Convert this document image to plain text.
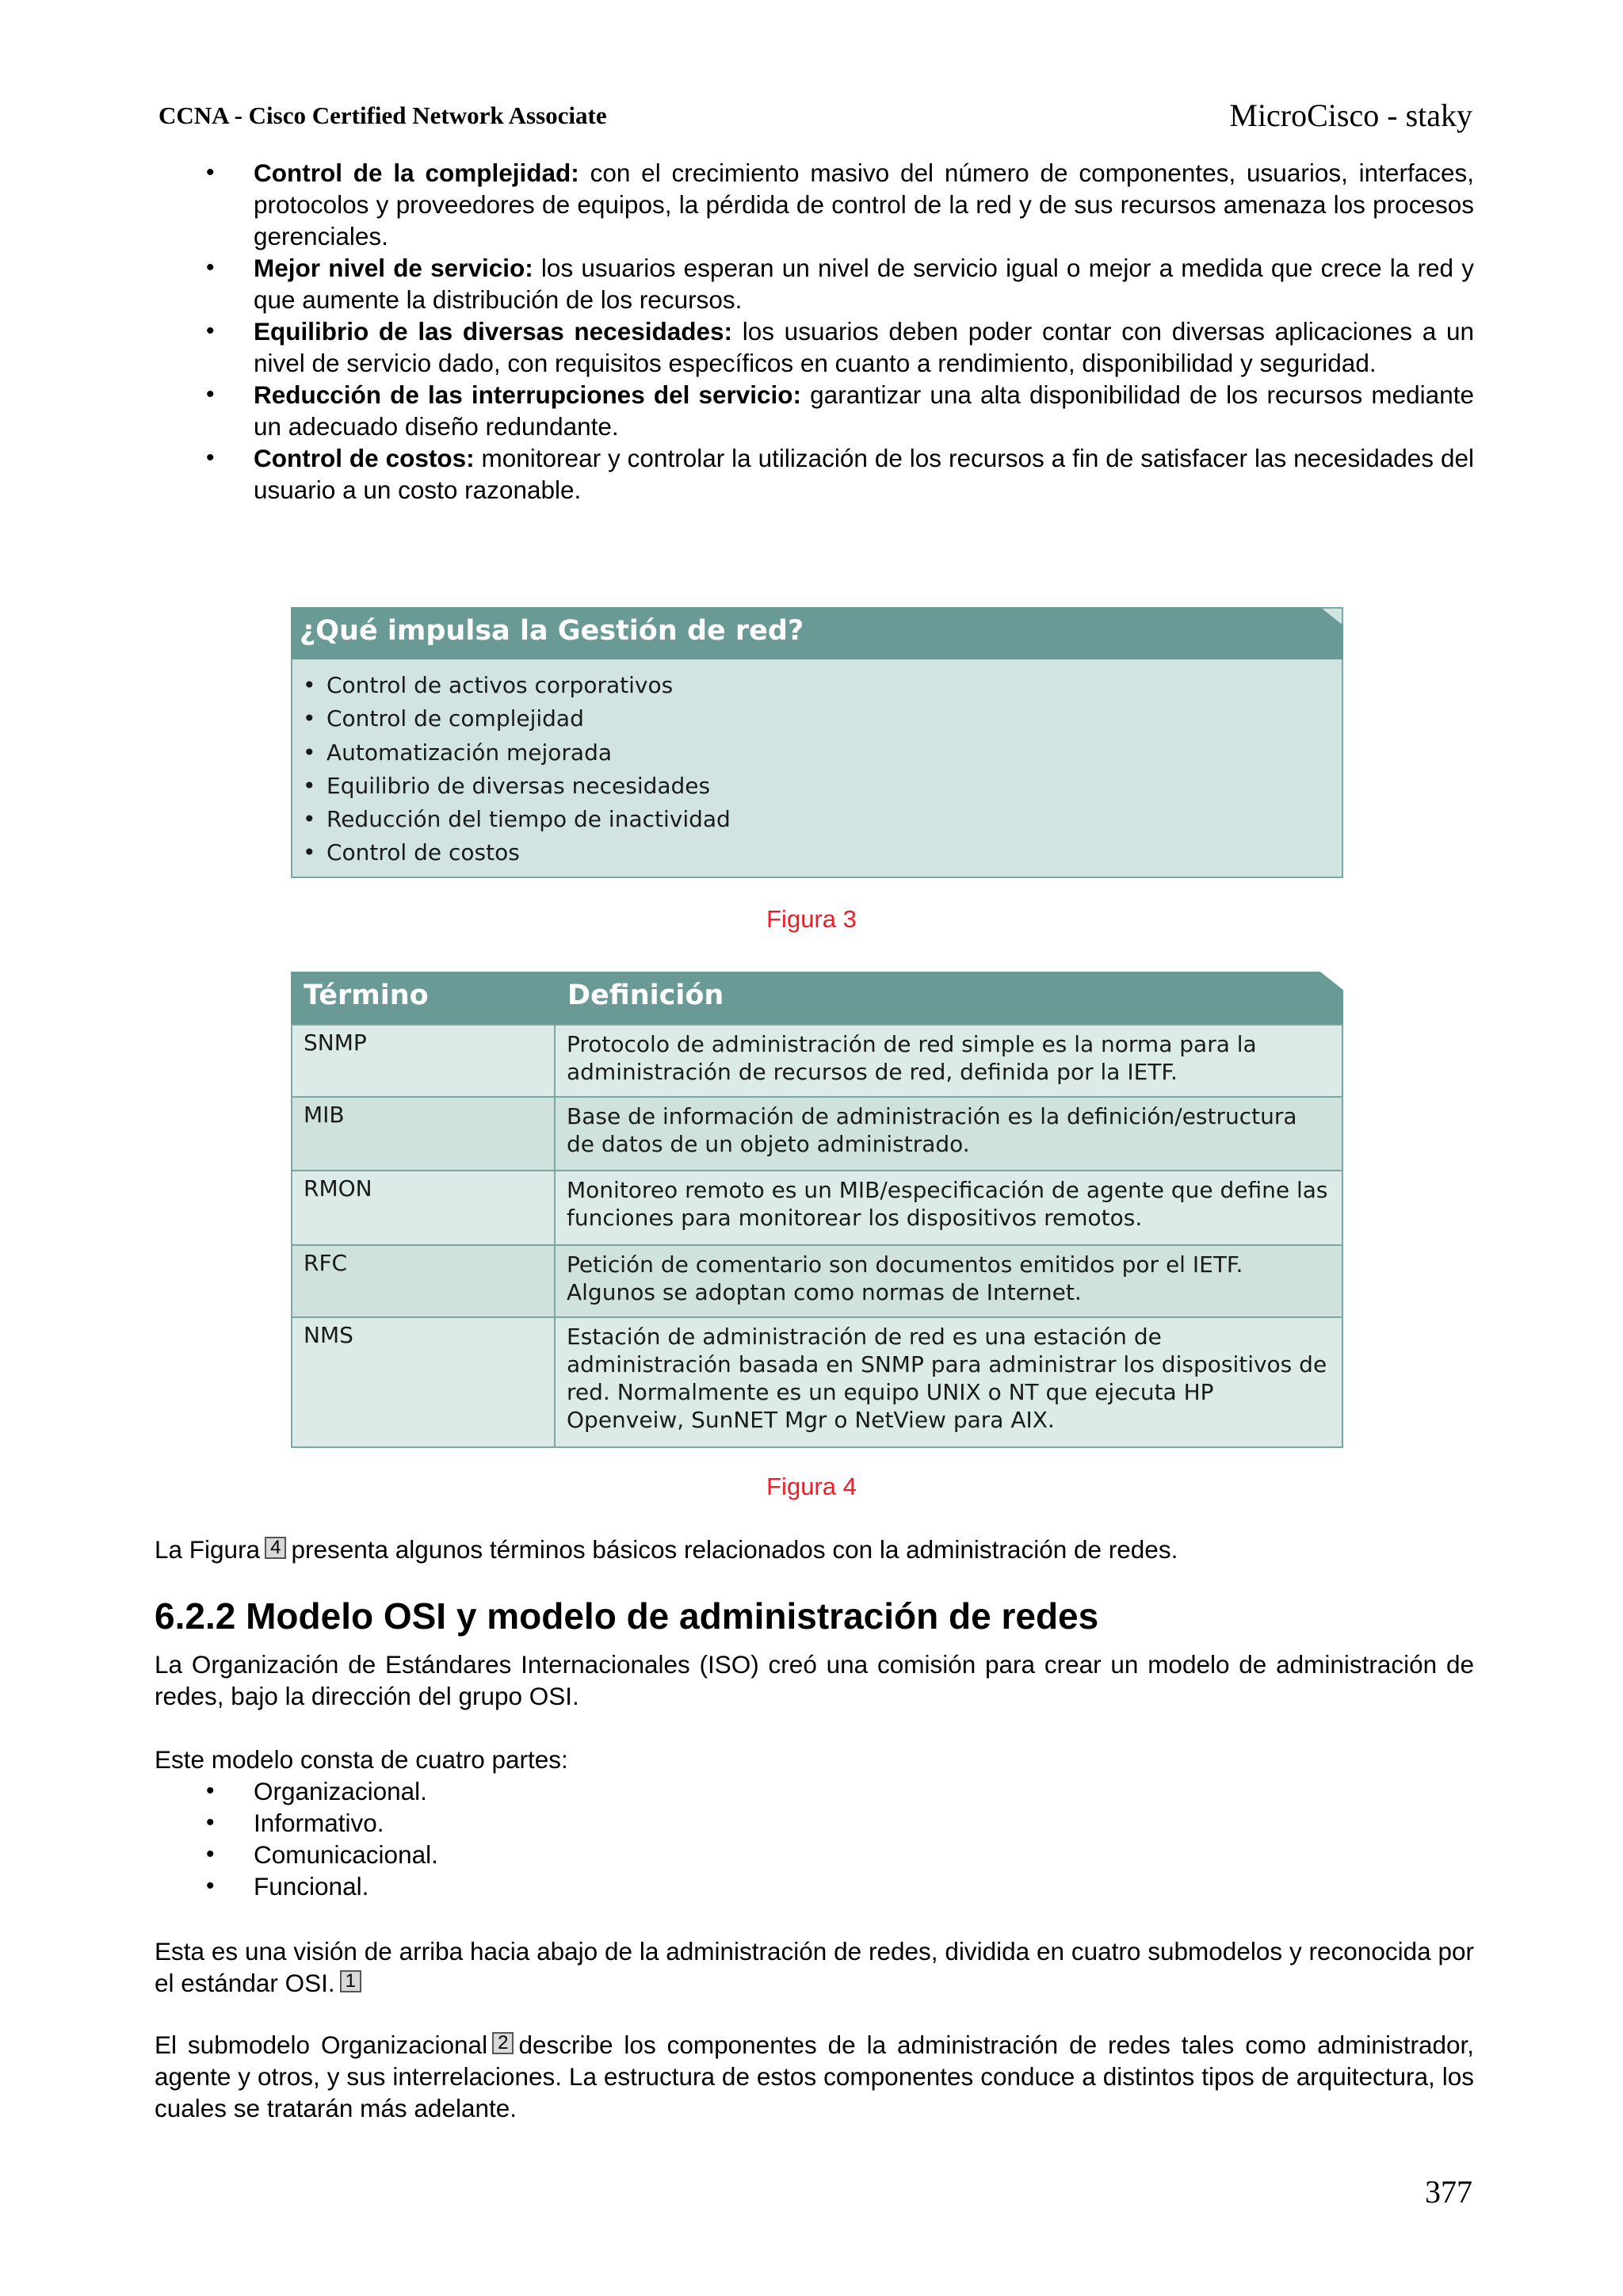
CCNA - Cisco Certified Network Associate	MicroCisco - staky
• Control de la complejidad: con el crecimiento masivo del número de componentes, usuarios, interfaces, protocolos y proveedores de equipos, la pérdida de control de la red y de sus recursos amenaza los procesos gerenciales.
• Mejor nivel de servicio: los usuarios esperan un nivel de servicio igual o mejor a medida que crece la red y que aumente la distribución de los recursos.
• Equilibrio de las diversas necesidades: los usuarios deben poder contar con diversas aplicaciones a un nivel de servicio dado, con requisitos específicos en cuanto a rendimiento, disponibilidad y seguridad.
• Reducción de las interrupciones del servicio: garantizar una alta disponibilidad de los recursos mediante un adecuado diseño redundante.
• Control de costos: monitorear y controlar la utilización de los recursos a fin de satisfacer las necesidades del usuario a un costo razonable.
¿Qué impulsa la Gestión de red?
• Control de activos corporativos
• Control de complejidad
• Automatización mejorada
• Equilibrio de diversas necesidades
• Reducción del tiempo de inactividad
• Control de costos
Figura 3
Término	Definición
SNMP	Protocolo de administración de red simple es la norma para la administración de recursos de red, definida por la IETF.
MIB	Base de información de administración es la definición/estructura de datos de un objeto administrado.
RMON	Monitoreo remoto es un MIB/especificación de agente que define las funciones para monitorear los dispositivos remotos.
RFC	Petición de comentario son documentos emitidos por el IETF. Algunos se adoptan como normas de Internet.
NMS	Estación de administración de red es una estación de administración basada en SNMP para administrar los dispositivos de red. Normalmente es un equipo UNIX o NT que ejecuta HP Openveiw, SunNET Mgr o NetView para AIX.
Figura 4
La Figura 4 presenta algunos términos básicos relacionados con la administración de redes.
6.2.2 Modelo OSI y modelo de administración de redes
La Organización de Estándares Internacionales (ISO) creó una comisión para crear un modelo de administración de redes, bajo la dirección del grupo OSI.
Este modelo consta de cuatro partes:
• Organizacional.
• Informativo.
• Comunicacional.
• Funcional.
Esta es una visión de arriba hacia abajo de la administración de redes, dividida en cuatro submodelos y reconocida por el estándar OSI. 1
El submodelo Organizacional 2 describe los componentes de la administración de redes tales como administrador, agente y otros, y sus interrelaciones. La estructura de estos componentes conduce a distintos tipos de arquitectura, los cuales se tratarán más adelante.
377
